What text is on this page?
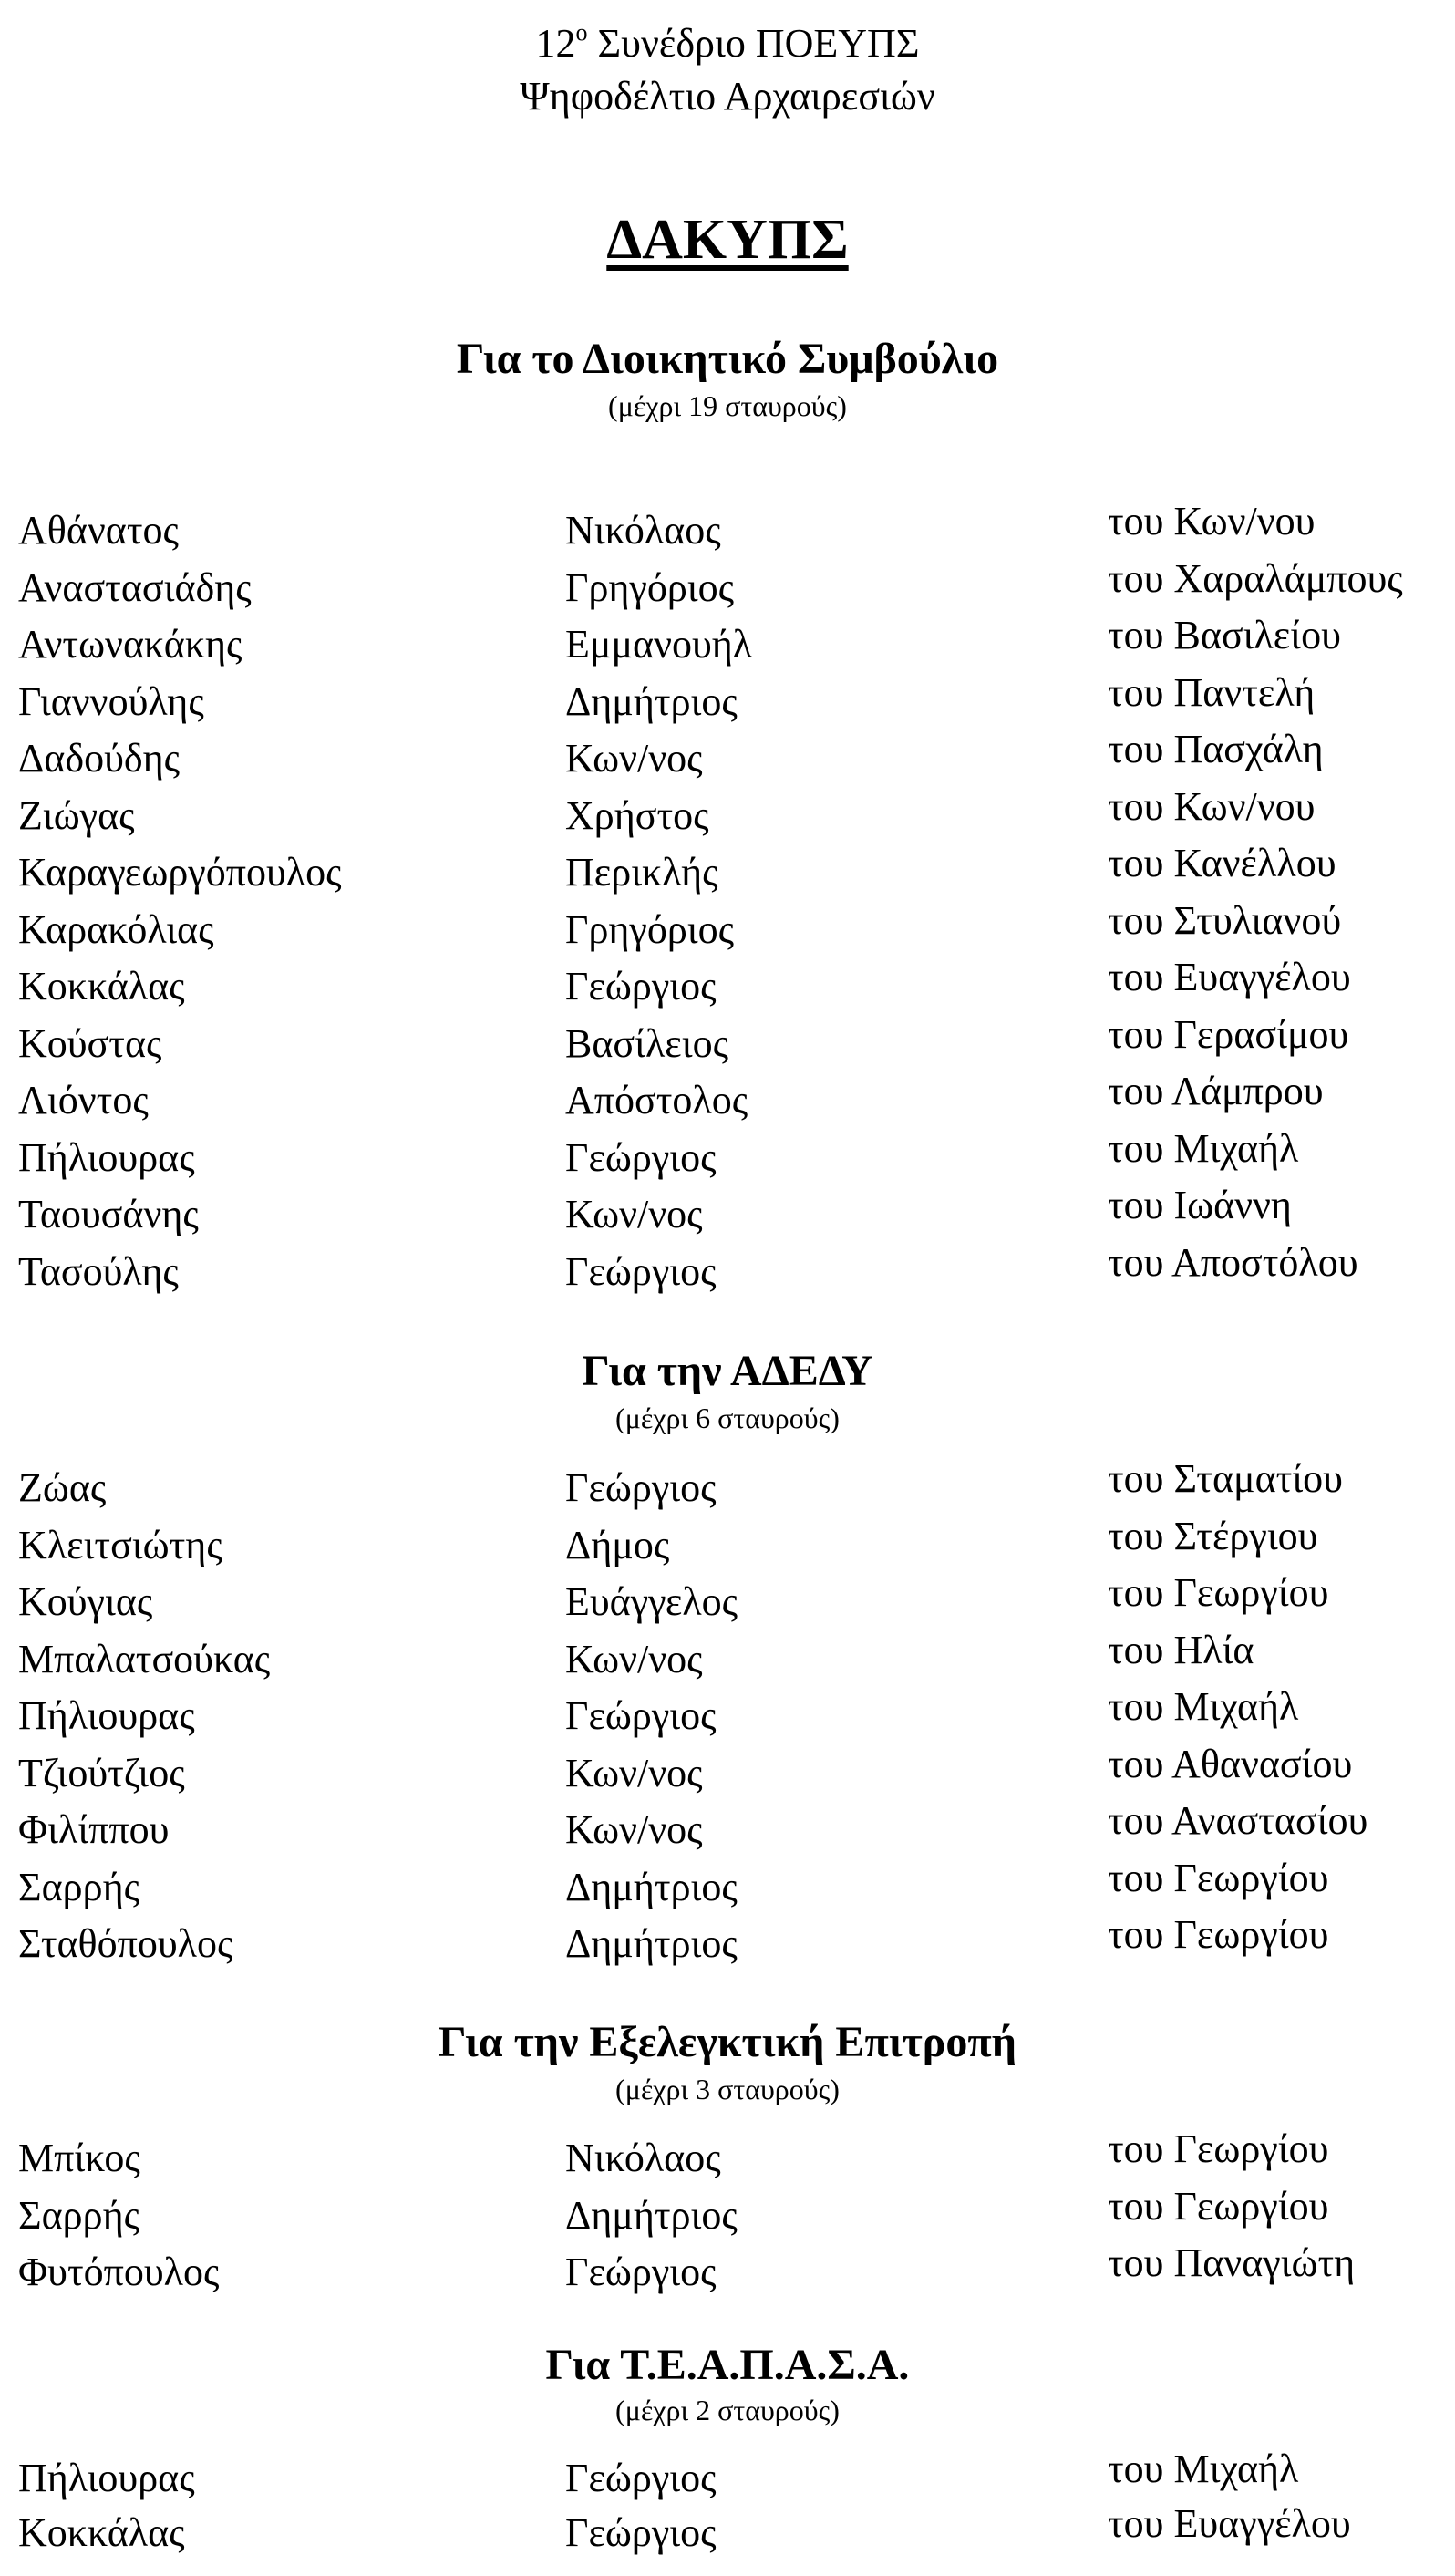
$12^o$ Συνέδριο ΠΟΕΥΠΣ

Ψηφοδέλτιο Αρχαιρεσιών

ΔΑΚΥΠΣ
Για το Διοικητικό Συμβούλιο
(μέχρι 19 σταυρούς)
Αθάνατος	Νικόλαος	του Κων/νου
Αναστασιάδης	Γρηγόριος	του Χαραλάμπους
Αντωνακάκης	Εμμανουήλ	του Βασιλείου
Γιαννούλης	Δημήτριος	του Παντελή
Δαδούδης	Κων/νος	του Πασχάλη
Ζιώγας	Χρήστος	του Κων/νου
Καραγεωργόπουλος	Περικλής	του Κανέλλου
Καρακόλιας	Γρηγόριος	του Στυλιανού
Κοκκάλας	Γεώργιος	του Ευαγγέλου
Κούστας	Βασίλειος	του Γερασίμου
Λιόντος	Απόστολος	του Λάμπρου
Πήλιουρας	Γεώργιος	του Μιχαήλ
Ταουσάνης	Κων/νος	του Ιωάννη
Τασούλης	Γεώργιος	του Αποστόλου
Για την ΑΔΕΔΥ
(μέχρι 6 σταυρούς)
Ζώας	Γεώργιος	του Σταματίου
Κλειτσιώτης	Δήμος	του Στέργιου
Κούγιας	Ευάγγελος	του Γεωργίου
Μπαλατσούκας	Κων/νος	του Ηλία
Πήλιουρας	Γεώργιος	του Μιχαήλ
Τζιούτζιος	Κων/νος	του Αθανασίου
Φιλίππου	Κων/νος	του Αναστασίου
Σαρρής	Δημήτριος	του Γεωργίου
Σταθόπουλος	Δημήτριος	του Γεωργίου
Για την Εξελεγκτική Επιτροπή
(μέχρι 3 σταυρούς)
Μπίκος	Νικόλαος	του Γεωργίου
Σαρρής	Δημήτριος	του Γεωργίου
Φυτόπουλος	Γεώργιος	του Παναγιώτη
Για Τ.Ε.Α.Π.Α.Σ.Α.
(μέχρι 2 σταυρούς)
Πήλιουρας	Γεώργιος	του Μιχαήλ
Κοκκάλας	Γεώργιος	του Ευαγγέλου
